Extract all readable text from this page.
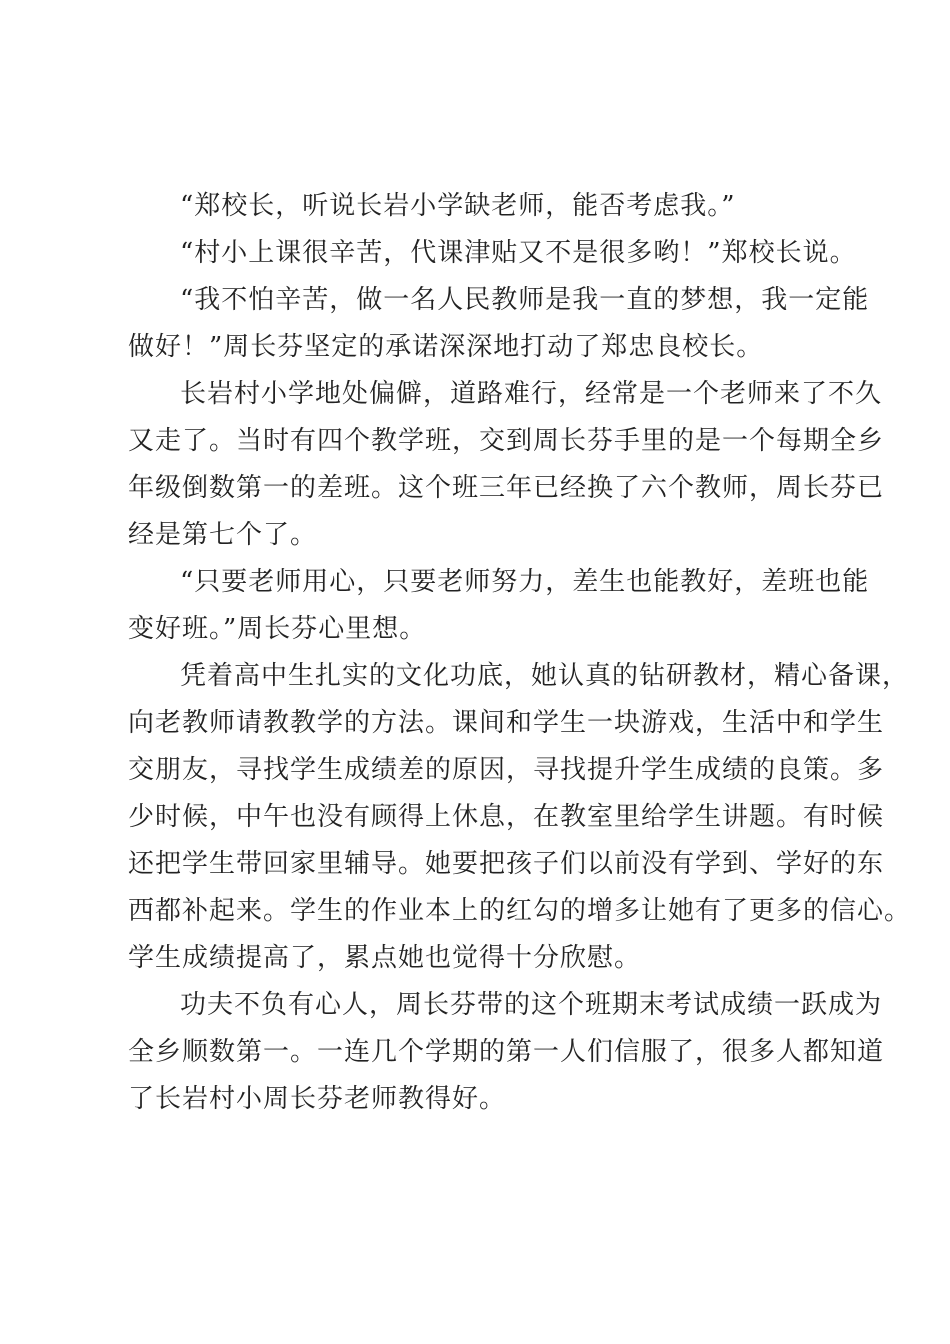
“郑校长，听说长岩小学缺老师，能否考虑我。”
“村小上课很辛苦，代课津贴又不是很多哟！”郑校长说。
“我不怕辛苦，做一名人民教师是我一直的梦想，我一定能
做好！”周长芬坚定的承诺深深地打动了郑忠良校长。
长岩村小学地处偏僻，道路难行，经常是一个老师来了不久
又走了。当时有四个教学班，交到周长芬手里的是一个每期全乡
年级倒数第一的差班。这个班三年已经换了六个教师，周长芬已
经是第七个了。
“只要老师用心，只要老师努力，差生也能教好，差班也能
变好班。”周长芬心里想。
凭着高中生扎实的文化功底，她认真的钻研教材，精心备课，
向老教师请教教学的方法。课间和学生一块游戏，生活中和学生
交朋友，寻找学生成绩差的原因，寻找提升学生成绩的良策。多
少时候，中午也没有顾得上休息，在教室里给学生讲题。有时候
还把学生带回家里辅导。她要把孩子们以前没有学到、学好的东
西都补起来。学生的作业本上的红勾的增多让她有了更多的信心。
学生成绩提高了，累点她也觉得十分欣慰。
功夫不负有心人，周长芬带的这个班期末考试成绩一跃成为
全乡顺数第一。一连几个学期的第一人们信服了，很多人都知道
了长岩村小周长芬老师教得好。
